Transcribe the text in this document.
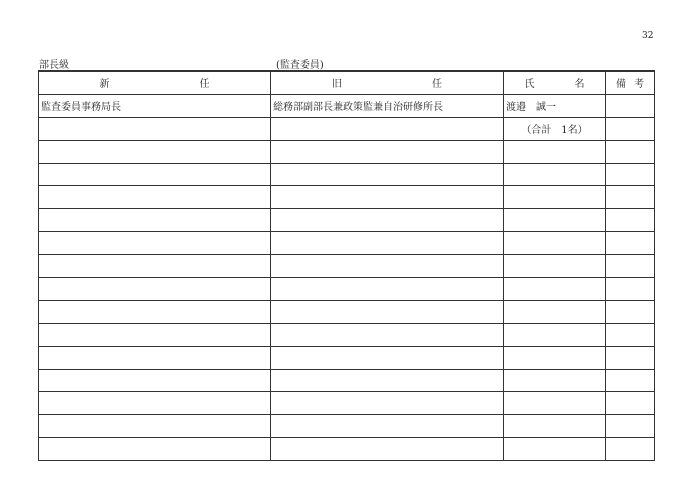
32
部長級	(監査委員)
新 任	旧 任	氏 名	備 考

監査委員事務局長	総務部副部長兼政策監兼自治研修所長	渡邉　誠一	
		（合計　1名）	
